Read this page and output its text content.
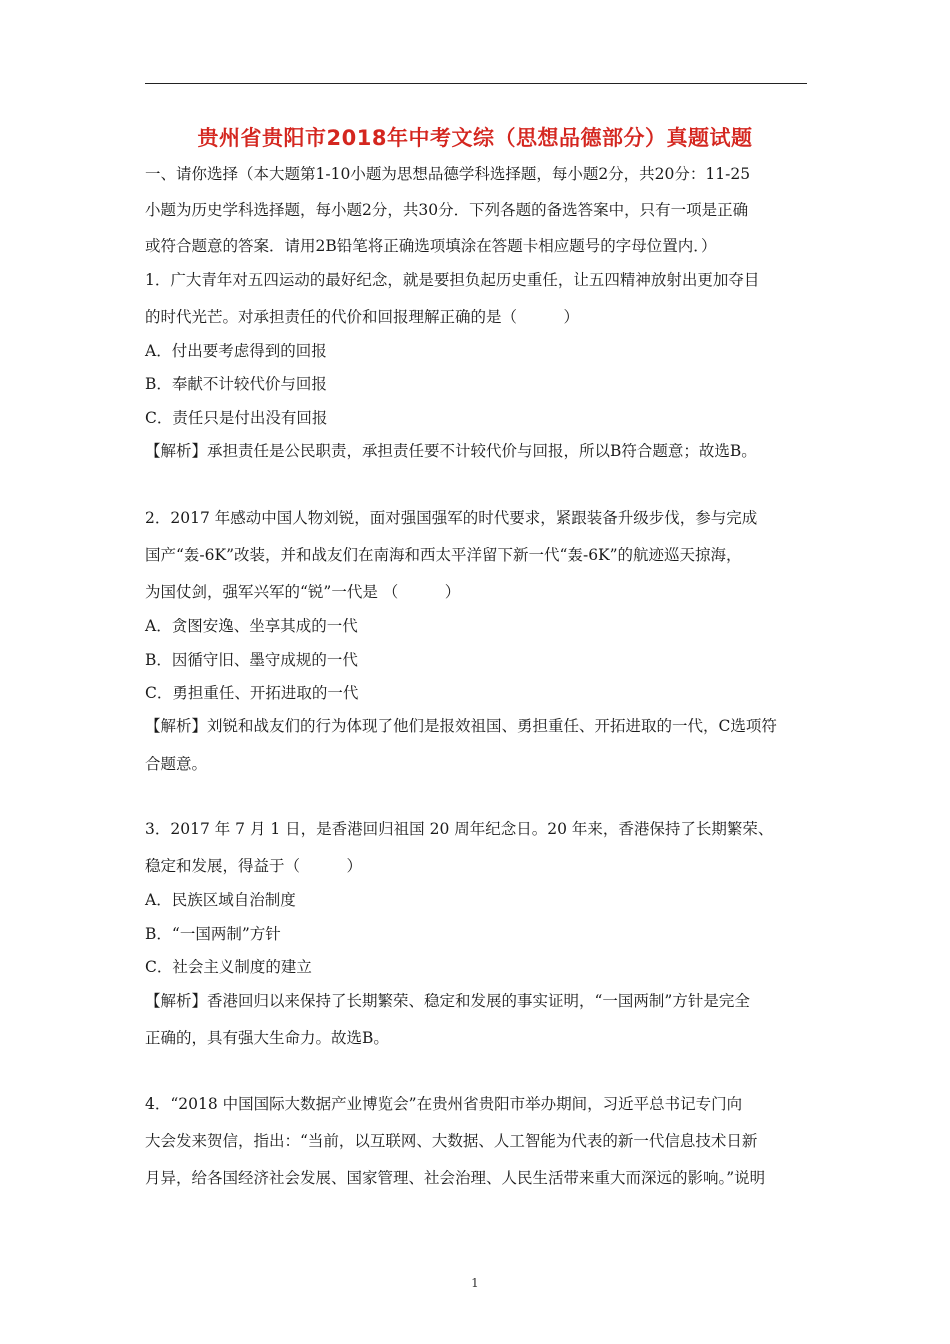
贵州省贵阳市2018年中考文综（思想品德部分）真题试题
一、请你选择（本大题第1-10小题为思想品德学科选择题，每小题2分，共20分：11-25
小题为历史学科选择题，每小题2分，共30分．下列各题的备选答案中，只有一项是正确
或符合题意的答案．请用2B铅笔将正确选项填涂在答题卡相应题号的字母位置内．）
1．广大青年对五四运动的最好纪念，就是要担负起历史重任，让五四精神放射出更加夺目
的时代光芒。对承担责任的代价和回报理解正确的是（　　　）
A．付出要考虑得到的回报
B．奉献不计较代价与回报
C．责任只是付出没有回报
【解析】承担责任是公民职责，承担责任要不计较代价与回报，所以B符合题意；故选B。
2．2017 年感动中国人物刘锐，面对强国强军的时代要求，紧跟装备升级步伐，参与完成
国产“轰-6K”改装，并和战友们在南海和西太平洋留下新一代“轰-6K”的航迹巡天掠海，
为国仗剑，强军兴军的“锐”一代是 （　　　）
A．贪图安逸、坐享其成的一代
B．因循守旧、墨守成规的一代
C．勇担重任、开拓进取的一代
【解析】刘锐和战友们的行为体现了他们是报效祖国、勇担重任、开拓进取的一代，C选项符
合题意。
3．2017 年 7 月 1 日，是香港回归祖国 20 周年纪念日。20 年来，香港保持了长期繁荣、
稳定和发展，得益于（　　　）
A．民族区域自治制度
B．“一国两制”方针
C．社会主义制度的建立
【解析】香港回归以来保持了长期繁荣、稳定和发展的事实证明，“一国两制”方针是完全
正确的，具有强大生命力。故选B。
4．“2018 中国国际大数据产业博览会”在贵州省贵阳市举办期间，习近平总书记专门向
大会发来贺信，指出：“当前，以互联网、大数据、人工智能为代表的新一代信息技术日新
月异，给各国经济社会发展、国家管理、社会治理、人民生活带来重大而深远的影响。”说明
1
